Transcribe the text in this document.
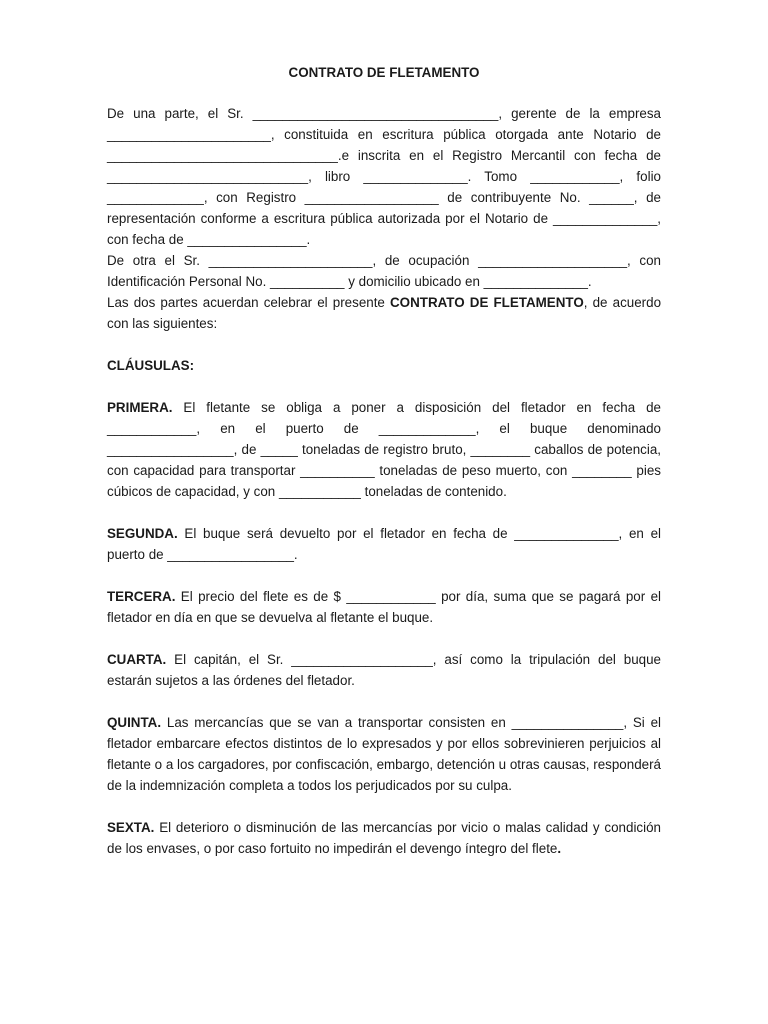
CONTRATO DE FLETAMENTO

De una parte, el Sr. _________________________________, gerente de la empresa ______________________, constituida en escritura pública otorgada ante Notario de _______________________________.e inscrita en el Registro Mercantil con fecha de ___________________________, libro ______________. Tomo ____________, folio _____________, con Registro __________________ de contribuyente No. ______, de representación conforme a escritura pública autorizada por el Notario de ______________, con fecha de ________________.

De otra el Sr. ______________________, de ocupación ____________________, con Identificación Personal No. __________ y domicilio ubicado en ______________.

Las dos partes acuerdan celebrar el presente CONTRATO DE FLETAMENTO, de acuerdo con las siguientes:

CLÁUSULAS:

PRIMERA. El fletante se obliga a poner a disposición del fletador en fecha de ____________, en el puerto de _____________, el buque denominado _________________, de _____ toneladas de registro bruto, ________ caballos de potencia, con capacidad para transportar __________ toneladas de peso muerto, con ________ pies cúbicos de capacidad, y con ___________ toneladas de contenido.

SEGUNDA. El buque será devuelto por el fletador en fecha de ______________, en el puerto de _________________.

TERCERA. El precio del flete es de $ ____________ por día, suma que se pagará por el fletador en día en que se devuelva al fletante el buque.

CUARTA. El capitán, el Sr. ___________________, así como la tripulación del buque estarán sujetos a las órdenes del fletador.

QUINTA. Las mercancías que se van a transportar consisten en _______________, Si el fletador embarcare efectos distintos de lo expresados y por ellos sobrevinieren perjuicios al fletante o a los cargadores, por confiscación, embargo, detención u otras causas, responderá de la indemnización completa a todos los perjudicados por su culpa.

SEXTA. El deterioro o disminución de las mercancías por vicio o malas calidad y condición de los envases, o por caso fortuito no impedirán el devengo íntegro del flete.
